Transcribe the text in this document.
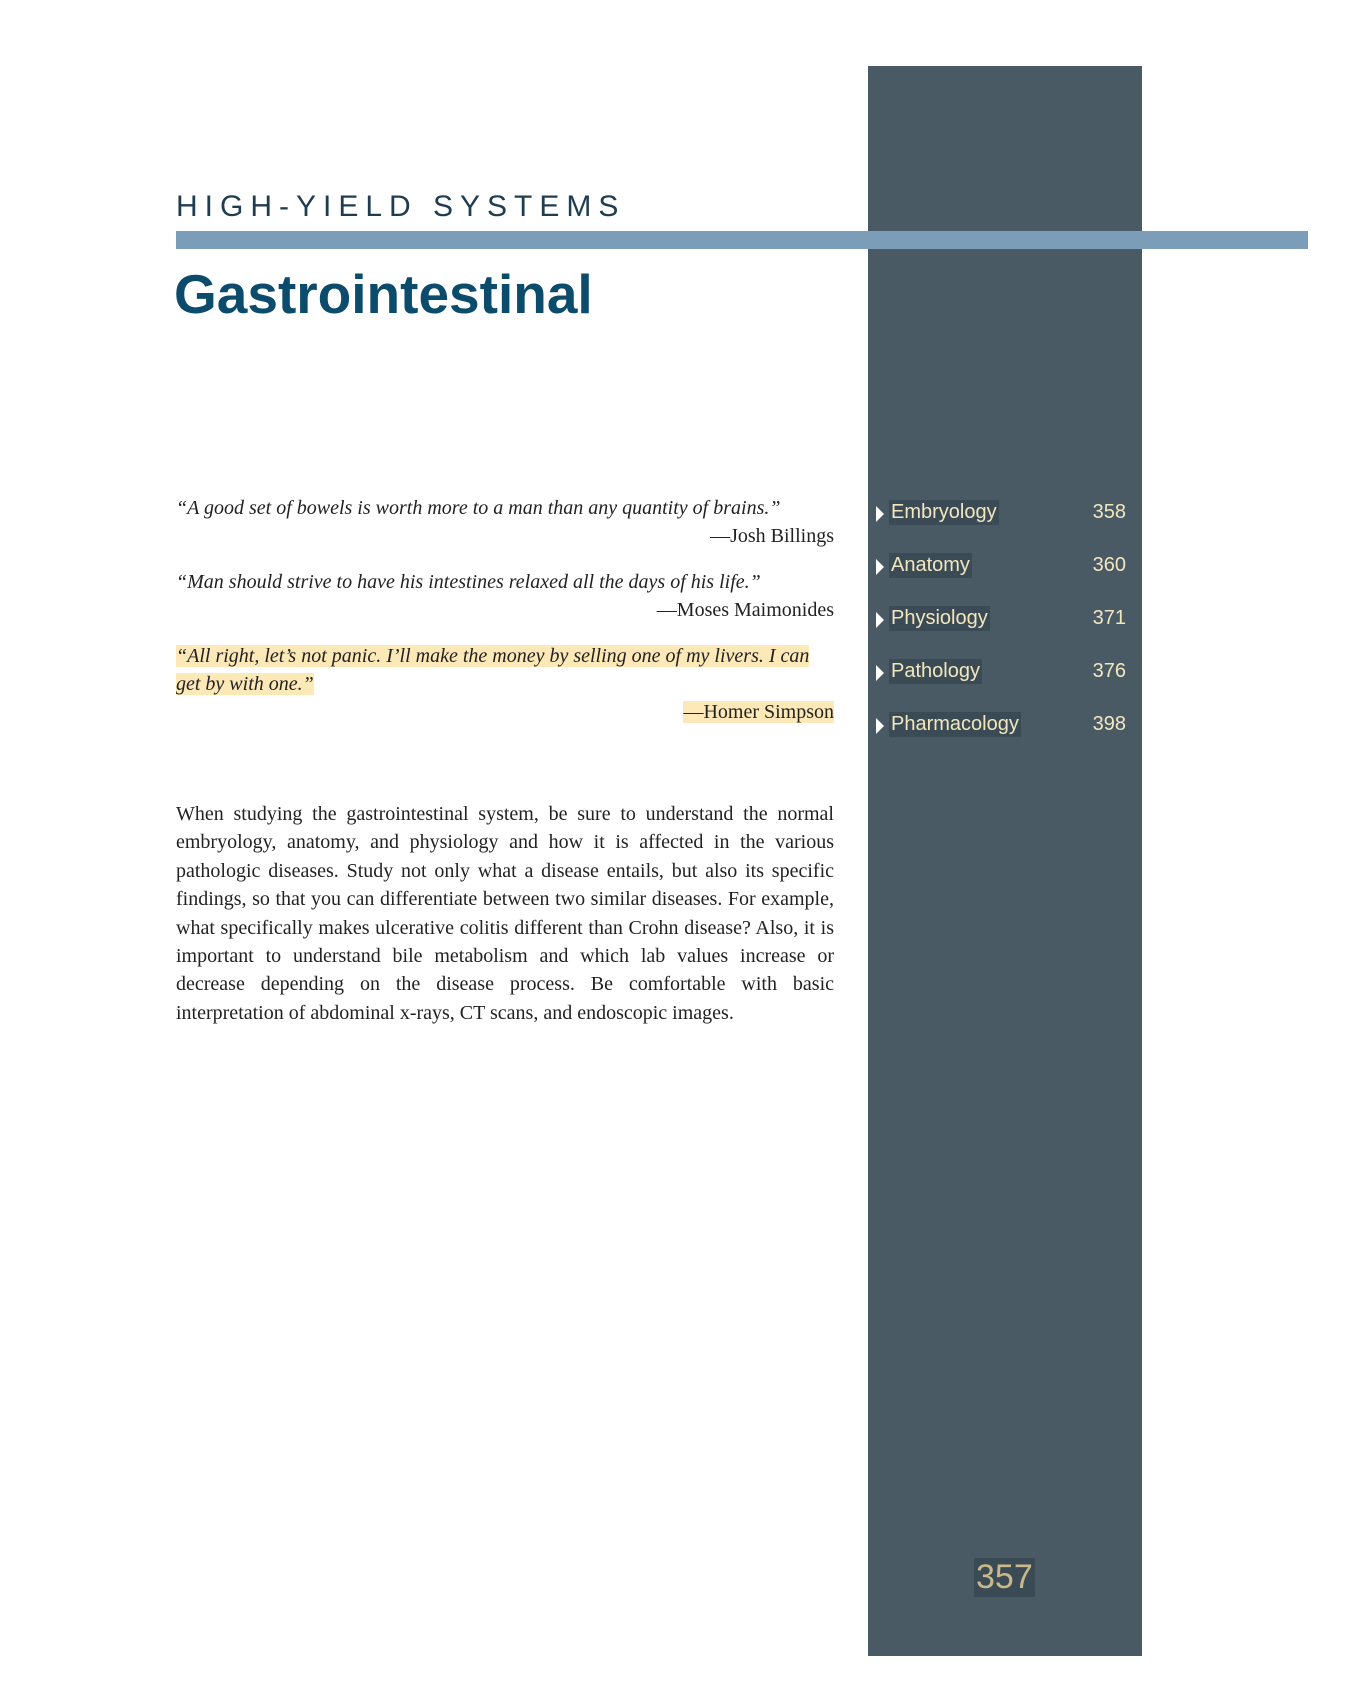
HIGH-YIELD SYSTEMS
Gastrointestinal
“A good set of bowels is worth more to a man than any quantity of brains.”
—Josh Billings
“Man should strive to have his intestines relaxed all the days of his life.”
—Moses Maimonides
“All right, let’s not panic. I’ll make the money by selling one of my livers. I can get by with one.”
—Homer Simpson
When studying the gastrointestinal system, be sure to understand the normal embryology, anatomy, and physiology and how it is affected in the various pathologic diseases. Study not only what a disease entails, but also its specific findings, so that you can differentiate between two similar diseases. For example, what specifically makes ulcerative colitis different than Crohn disease? Also, it is important to understand bile metabolism and which lab values increase or decrease depending on the disease process. Be comfortable with basic interpretation of abdominal x-rays, CT scans, and endoscopic images.
Embryology	358
Anatomy	360
Physiology	371
Pathology	376
Pharmacology	398
357
